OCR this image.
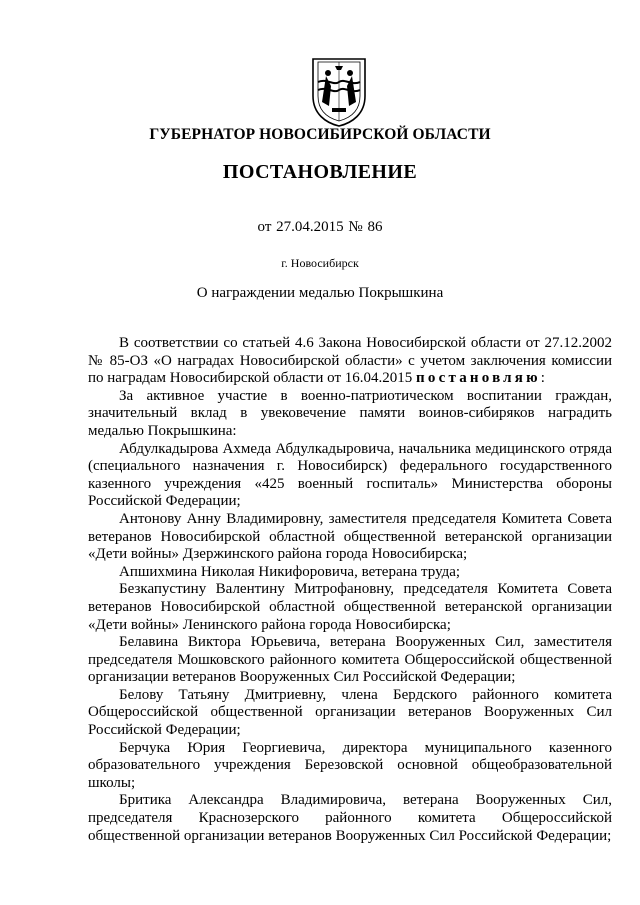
ГУБЕРНАТОР НОВОСИБИРСКОЙ ОБЛАСТИ
ПОСТАНОВЛЕНИЕ
от 27.04.2015 № 86
г. Новосибирск
О награждении медалью Покрышкина

В соответствии со статьей 4.6 Закона Новосибирской области от 27.12.2002 № 85-ОЗ «О наградах Новосибирской области» с учетом заключения комиссии по наградам Новосибирской области от 16.04.2015 постановляю:

За активное участие в военно-патриотическом воспитании граждан, значительный вклад в увековечение памяти воинов-сибиряков наградить медалью Покрышкина:

Абдулкадырова Ахмеда Абдулкадыровича, начальника медицинского отряда (специального назначения г. Новосибирск) федерального государственного казенного учреждения «425 военный госпиталь» Министерства обороны Российской Федерации;

Антонову Анну Владимировну, заместителя председателя Комитета Совета ветеранов Новосибирской областной общественной ветеранской организации «Дети войны» Дзержинского района города Новосибирска;

Апшихмина Николая Никифоровича, ветерана труда;

Безкапустину Валентину Митрофановну, председателя Комитета Совета ветеранов Новосибирской областной общественной ветеранской организации «Дети войны» Ленинского района города Новосибирска;

Белавина Виктора Юрьевича, ветерана Вооруженных Сил, заместителя председателя Мошковского районного комитета Общероссийской общественной организации ветеранов Вооруженных Сил Российской Федерации;

Белову Татьяну Дмитриевну, члена Бердского районного комитета Общероссийской общественной организации ветеранов Вооруженных Сил Российской Федерации;

Берчука Юрия Георгиевича, директора муниципального казенного образовательного учреждения Березовской основной общеобразовательной школы;

Бритика Александра Владимировича, ветерана Вооруженных Сил, председателя Краснозерского районного комитета Общероссийской общественной организации ветеранов Вооруженных Сил Российской Федерации;
